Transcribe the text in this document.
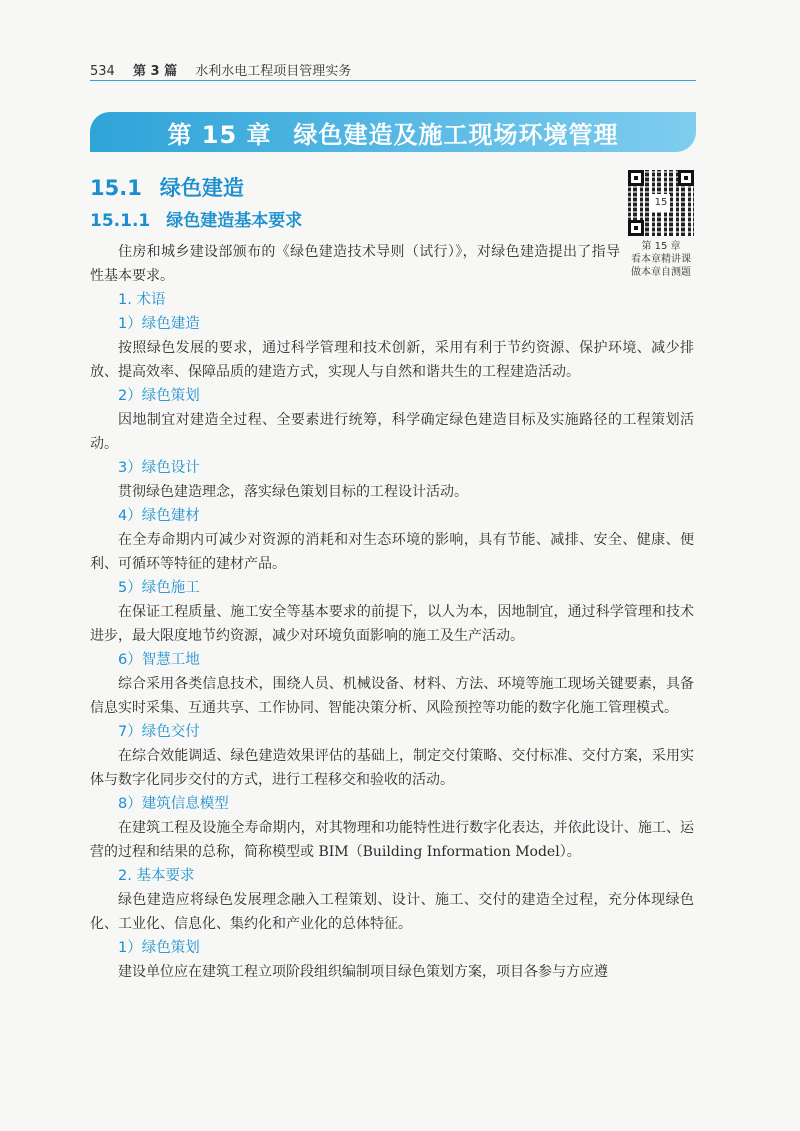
534 第 3 篇 水利水电工程项目管理实务
第 15 章 绿色建造及施工现场环境管理
15.1 绿色建造
15.1.1 绿色建造基本要求
15
第 15 章
看本章精讲课
做本章自测题

住房和城乡建设部颁布的《绿色建造技术导则（试行）》，对绿色建造提出了指导性基本要求。

1. 术语

1）绿色建造

按照绿色发展的要求，通过科学管理和技术创新，采用有利于节约资源、保护环境、减少排放、提高效率、保障品质的建造方式，实现人与自然和谐共生的工程建造活动。

2）绿色策划

因地制宜对建造全过程、全要素进行统筹，科学确定绿色建造目标及实施路径的工程策划活动。

3）绿色设计

贯彻绿色建造理念，落实绿色策划目标的工程设计活动。

4）绿色建材

在全寿命期内可减少对资源的消耗和对生态环境的影响，具有节能、减排、安全、健康、便利、可循环等特征的建材产品。

5）绿色施工

在保证工程质量、施工安全等基本要求的前提下，以人为本，因地制宜，通过科学管理和技术进步，最大限度地节约资源，减少对环境负面影响的施工及生产活动。

6）智慧工地

综合采用各类信息技术，围绕人员、机械设备、材料、方法、环境等施工现场关键要素，具备信息实时采集、互通共享、工作协同、智能决策分析、风险预控等功能的数字化施工管理模式。

7）绿色交付

在综合效能调适、绿色建造效果评估的基础上，制定交付策略、交付标准、交付方案，采用实体与数字化同步交付的方式，进行工程移交和验收的活动。

8）建筑信息模型

在建筑工程及设施全寿命期内，对其物理和功能特性进行数字化表达，并依此设计、施工、运营的过程和结果的总称，简称模型或 BIM（Building Information Model）。

2. 基本要求

绿色建造应将绿色发展理念融入工程策划、设计、施工、交付的建造全过程，充分体现绿色化、工业化、信息化、集约化和产业化的总体特征。

1）绿色策划

建设单位应在建筑工程立项阶段组织编制项目绿色策划方案，项目各参与方应遵
